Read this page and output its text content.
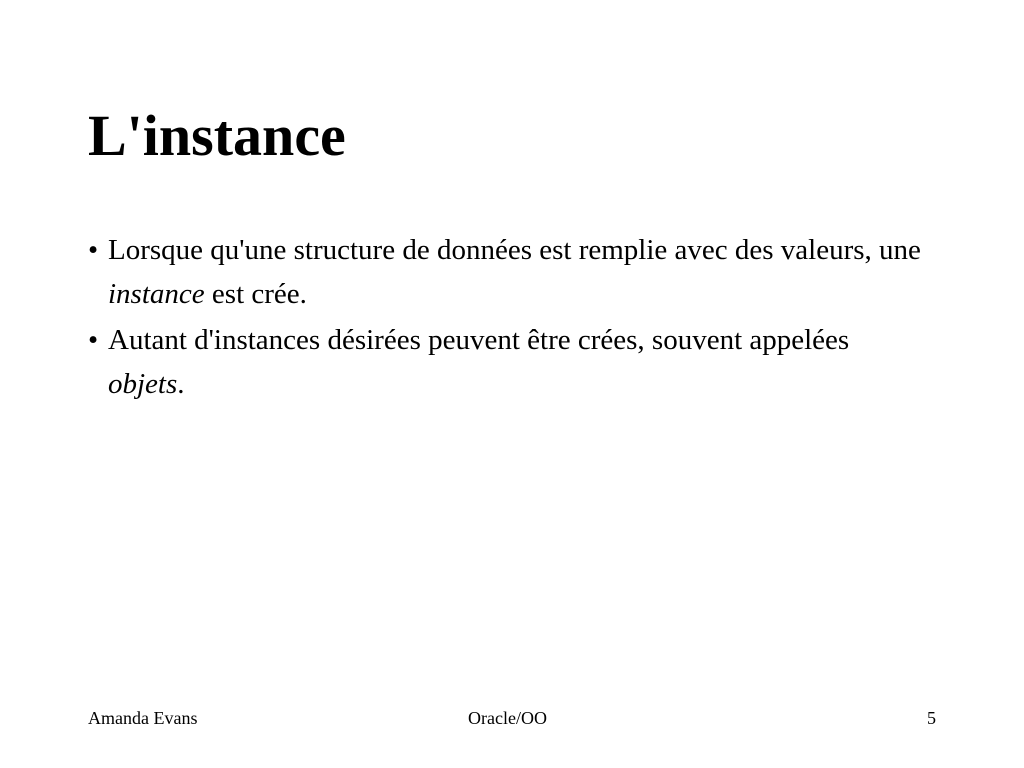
L'instance
• Lorsque qu'une structure de données est remplie avec des valeurs, une instance est crée.
• Autant d'instances désirées peuvent être crées, souvent appelées objets.
Amanda Evans	Oracle/OO	5
